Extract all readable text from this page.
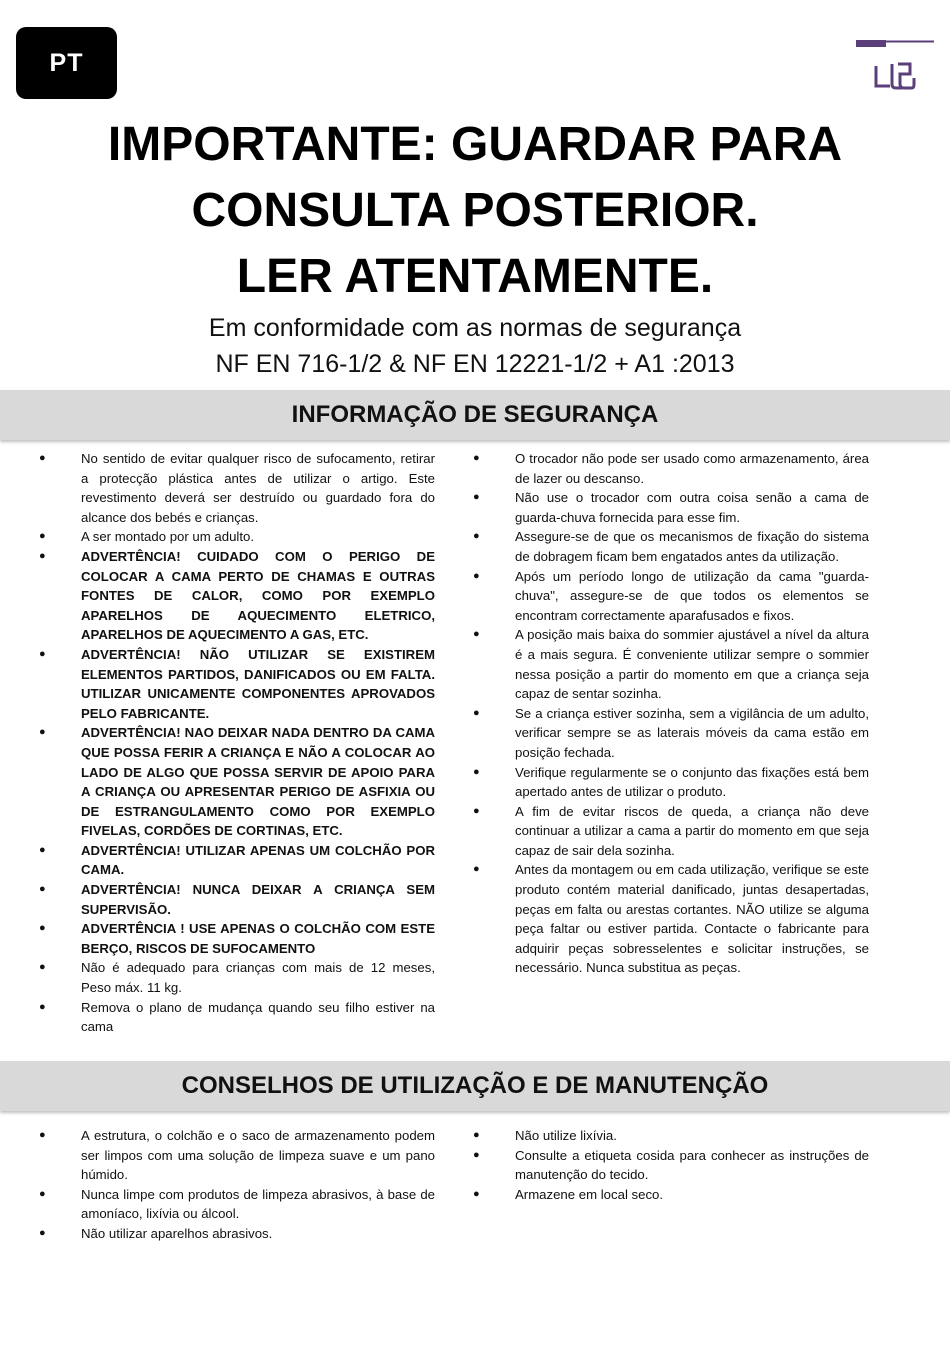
PT
IMPORTANTE: GUARDAR PARA
CONSULTA POSTERIOR.
LER ATENTAMENTE.
Em conformidade com as normas de segurança
NF EN 716-1/2 & NF EN 12221-1/2 + A1 :2013
INFORMAÇÃO DE SEGURANÇA
●	No sentido de evitar qualquer risco de sufocamento, retirar a protecção plástica antes de utilizar o artigo. Este revestimento deverá ser destruído ou guardado fora do alcance dos bebés e crianças.
●	A ser montado por um adulto.
●	ADVERTÊNCIA! CUIDADO COM O PERIGO DE COLOCAR A CAMA PERTO DE CHAMAS E OUTRAS FONTES DE CALOR, COMO POR EXEMPLO APARELHOS DE AQUECIMENTO ELETRICO, APARELHOS DE AQUECIMENTO A GAS, ETC.
●	ADVERTÊNCIA! NÃO UTILIZAR SE EXISTIREM ELEMENTOS PARTIDOS, DANIFICADOS OU EM FALTA. UTILIZAR UNICAMENTE COMPONENTES APROVADOS PELO FABRICANTE.
●	ADVERTÊNCIA! NAO DEIXAR NADA DENTRO DA CAMA QUE POSSA FERIR A CRIANÇA E NÃO A COLOCAR AO LADO DE ALGO QUE POSSA SERVIR DE APOIO PARA A CRIANÇA OU APRESENTAR PERIGO DE ASFIXIA OU DE ESTRANGULAMENTO COMO POR EXEMPLO FIVELAS, CORDÕES DE CORTINAS, ETC.
●	ADVERTÊNCIA! UTILIZAR APENAS UM COLCHÃO POR CAMA.
●	ADVERTÊNCIA! NUNCA DEIXAR A CRIANÇA SEM SUPERVISÃO.
●	ADVERTÊNCIA ! USE APENAS O COLCHÃO COM ESTE BERÇO, RISCOS DE SUFOCAMENTO
●	Não é adequado para crianças com mais de 12 meses, Peso máx. 11 kg.
●	Remova o plano de mudança quando seu filho estiver na cama
●	O trocador não pode ser usado como armazenamento, área de lazer ou descanso.
●	Não use o trocador com outra coisa senão a cama de guarda-chuva fornecida para esse fim.
●	Assegure-se de que os mecanismos de fixação do sistema de dobragem ficam bem engatados antes da utilização.
●	Após um período longo de utilização da cama "guarda-chuva", assegure-se de que todos os elementos se encontram correctamente aparafusados e fixos.
●	A posição mais baixa do sommier ajustável a nível da altura é a mais segura. É conveniente utilizar sempre o sommier nessa posição a partir do momento em que a criança seja capaz de sentar sozinha.
●	Se a criança estiver sozinha, sem a vigilância de um adulto, verificar sempre se as laterais móveis da cama estão em posição fechada.
●	Verifique regularmente se o conjunto das fixações está bem apertado antes de utilizar o produto.
●	A fim de evitar riscos de queda, a criança não deve continuar a utilizar a cama a partir do momento em que seja capaz de sair dela sozinha.
●	Antes da montagem ou em cada utilização, verifique se este produto contém material danificado, juntas desapertadas, peças em falta ou arestas cortantes. NÃO utilize se alguma peça faltar ou estiver partida. Contacte o fabricante para adquirir peças sobresselentes e solicitar instruções, se necessário. Nunca substitua as peças.
CONSELHOS DE UTILIZAÇÃO E DE MANUTENÇÃO
●	A estrutura, o colchão e o saco de armazenamento podem ser limpos com uma solução de limpeza suave e um pano húmido.
●	Nunca limpe com produtos de limpeza abrasivos, à base de amoníaco, lixívia ou álcool.
●	Não utilizar aparelhos abrasivos.
●	Não utilize lixívia.
●	Consulte a etiqueta cosida para conhecer as instruções de manutenção do tecido.
●	Armazene em local seco.
